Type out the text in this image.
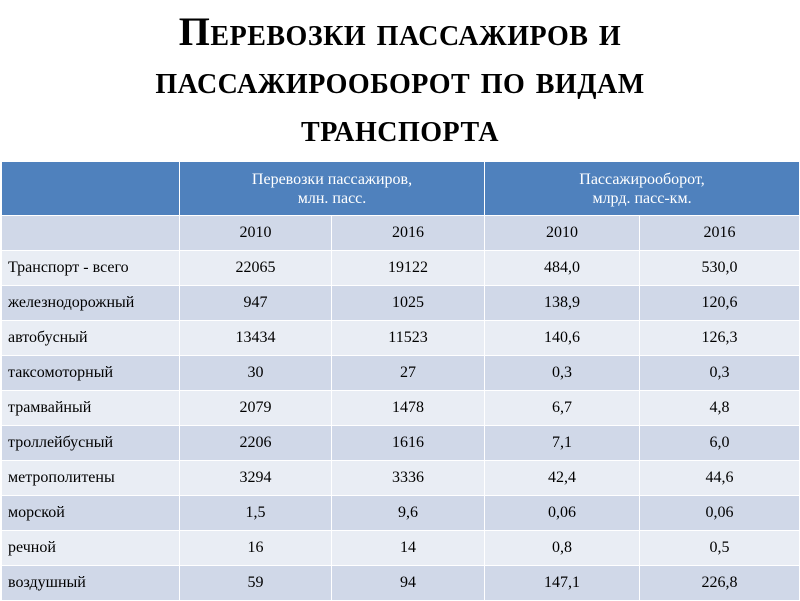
Перевозки пассажиров и
пассажирооборот по видам
транспорта
	Перевозки пассажиров,
млн. пасс.		Пассажирооборот,
млрд. пасс-км.	
	2010	2016	2010	2016
Транспорт - всего	22065	19122	484,0	530,0
железнодорожный	947	1025	138,9	120,6
автобусный	13434	11523	140,6	126,3
таксомоторный	30	27	0,3	0,3
трамвайный	2079	1478	6,7	4,8
троллейбусный	2206	1616	7,1	6,0
метрополитены	3294	3336	42,4	44,6
морской	1,5	9,6	0,06	0,06
речной	16	14	0,8	0,5
воздушный	59	94	147,1	226,8
